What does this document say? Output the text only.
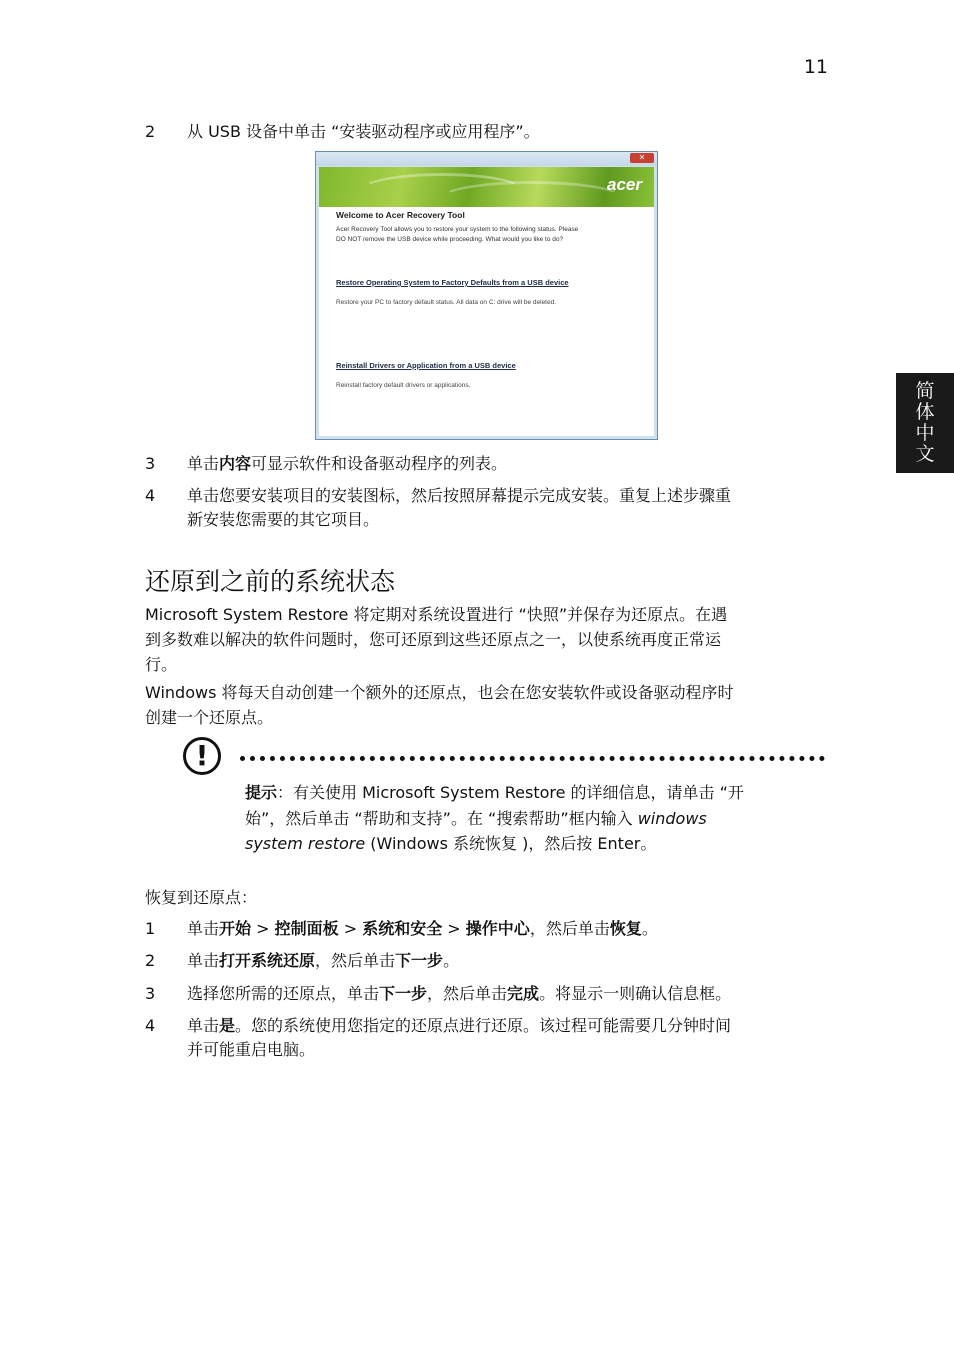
11
简
体
中
文
2 从 USB 设备中单击 “安装驱动程序或应用程序”。
✕
acer
Welcome to Acer Recovery Tool
Acer Recovery Tool allows you to restore your system to the following status. Please
DO NOT remove the USB device while proceeding. What would you like to do?
Restore Operating System to Factory Defaults from a USB device
Restore your PC to factory default status. All data on C: drive will be deleted.
Reinstall Drivers or Application from a USB device
Reinstall factory default drivers or applications.
3 单击内容可显示软件和设备驱动程序的列表。
4 单击您要安装项目的安装图标，然后按照屏幕提示完成安装。重复上述步骤重
新安装您需要的其它项目。
还原到之前的系统状态
Microsoft System Restore 将定期对系统设置进行 “快照”并保存为还原点。在遇
到多数难以解决的软件问题时，您可还原到这些还原点之一，以使系统再度正常运
行。
Windows 将每天自动创建一个额外的还原点，也会在您安装软件或设备驱动程序时
创建一个还原点。
!
提示：有关使用 Microsoft System Restore 的详细信息，请单击 “开
始”，然后单击 “帮助和支持”。在 “搜索帮助”框内输入 windows
system restore (Windows 系统恢复 )，然后按 Enter。
恢复到还原点：
1 单击开始 > 控制面板 > 系统和安全 > 操作中心，然后单击恢复。
2 单击打开系统还原，然后单击下一步。
3 选择您所需的还原点，单击下一步，然后单击完成。将显示一则确认信息框。
4 单击是。您的系统使用您指定的还原点进行还原。该过程可能需要几分钟时间
并可能重启电脑。
